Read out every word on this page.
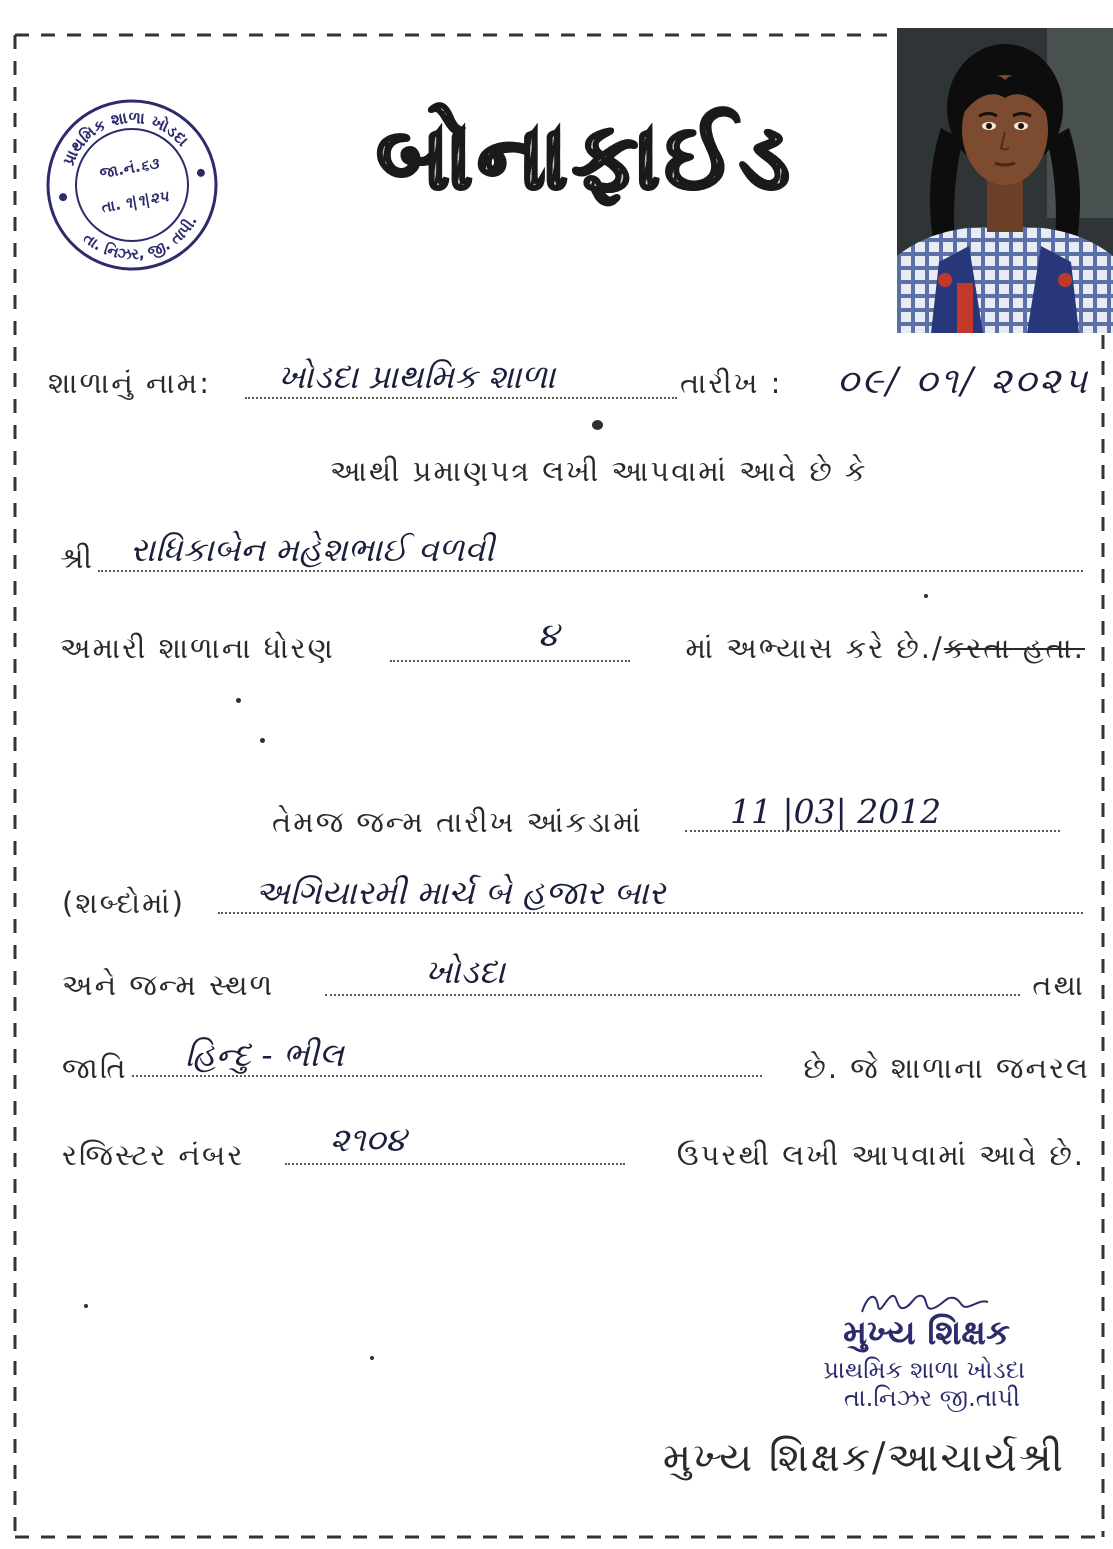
પ્રાથમિક શાળા ખોડદા
તા. નિઝર, જી. તાપી.
જા.નં.૬૩
તા.૧|૧|૨૫ બોનાફાઈડ
શાળાનું નામ: ખોડદા પ્રાથમિક શાળા	તારીખ : ૦૯/ ૦૧/ ૨૦૨૫
આથી પ્રમાણપત્ર લખી આપવામાં આવે છે કે
શ્રી રાધિકાબેન મહેશભાઈ વળવી
અમારી શાળાના ધોરણ	૪	માં અભ્યાસ કરે છે./કરતા હતા.
તેમજ જન્મ તારીખ આંકડામાં	11 |03| 2012
(શબ્દોમાં) અગિયારમી માર્ચ બે હજાર બાર
અને જન્મ સ્થળ	ખોડદા	તથા
જાતિ હિન્દુ - ભીલ	છે. જે શાળાના જનરલ
રજિસ્ટર નંબર	૨૧૦૪	ઉપરથી લખી આપવામાં આવે છે.
મુખ્ય શિક્ષક
પ્રાથમિક શાળા ખોડદા
તા.નિઝર જી.તાપી
મુખ્ય શિક્ષક/આચાર્યશ્રી
